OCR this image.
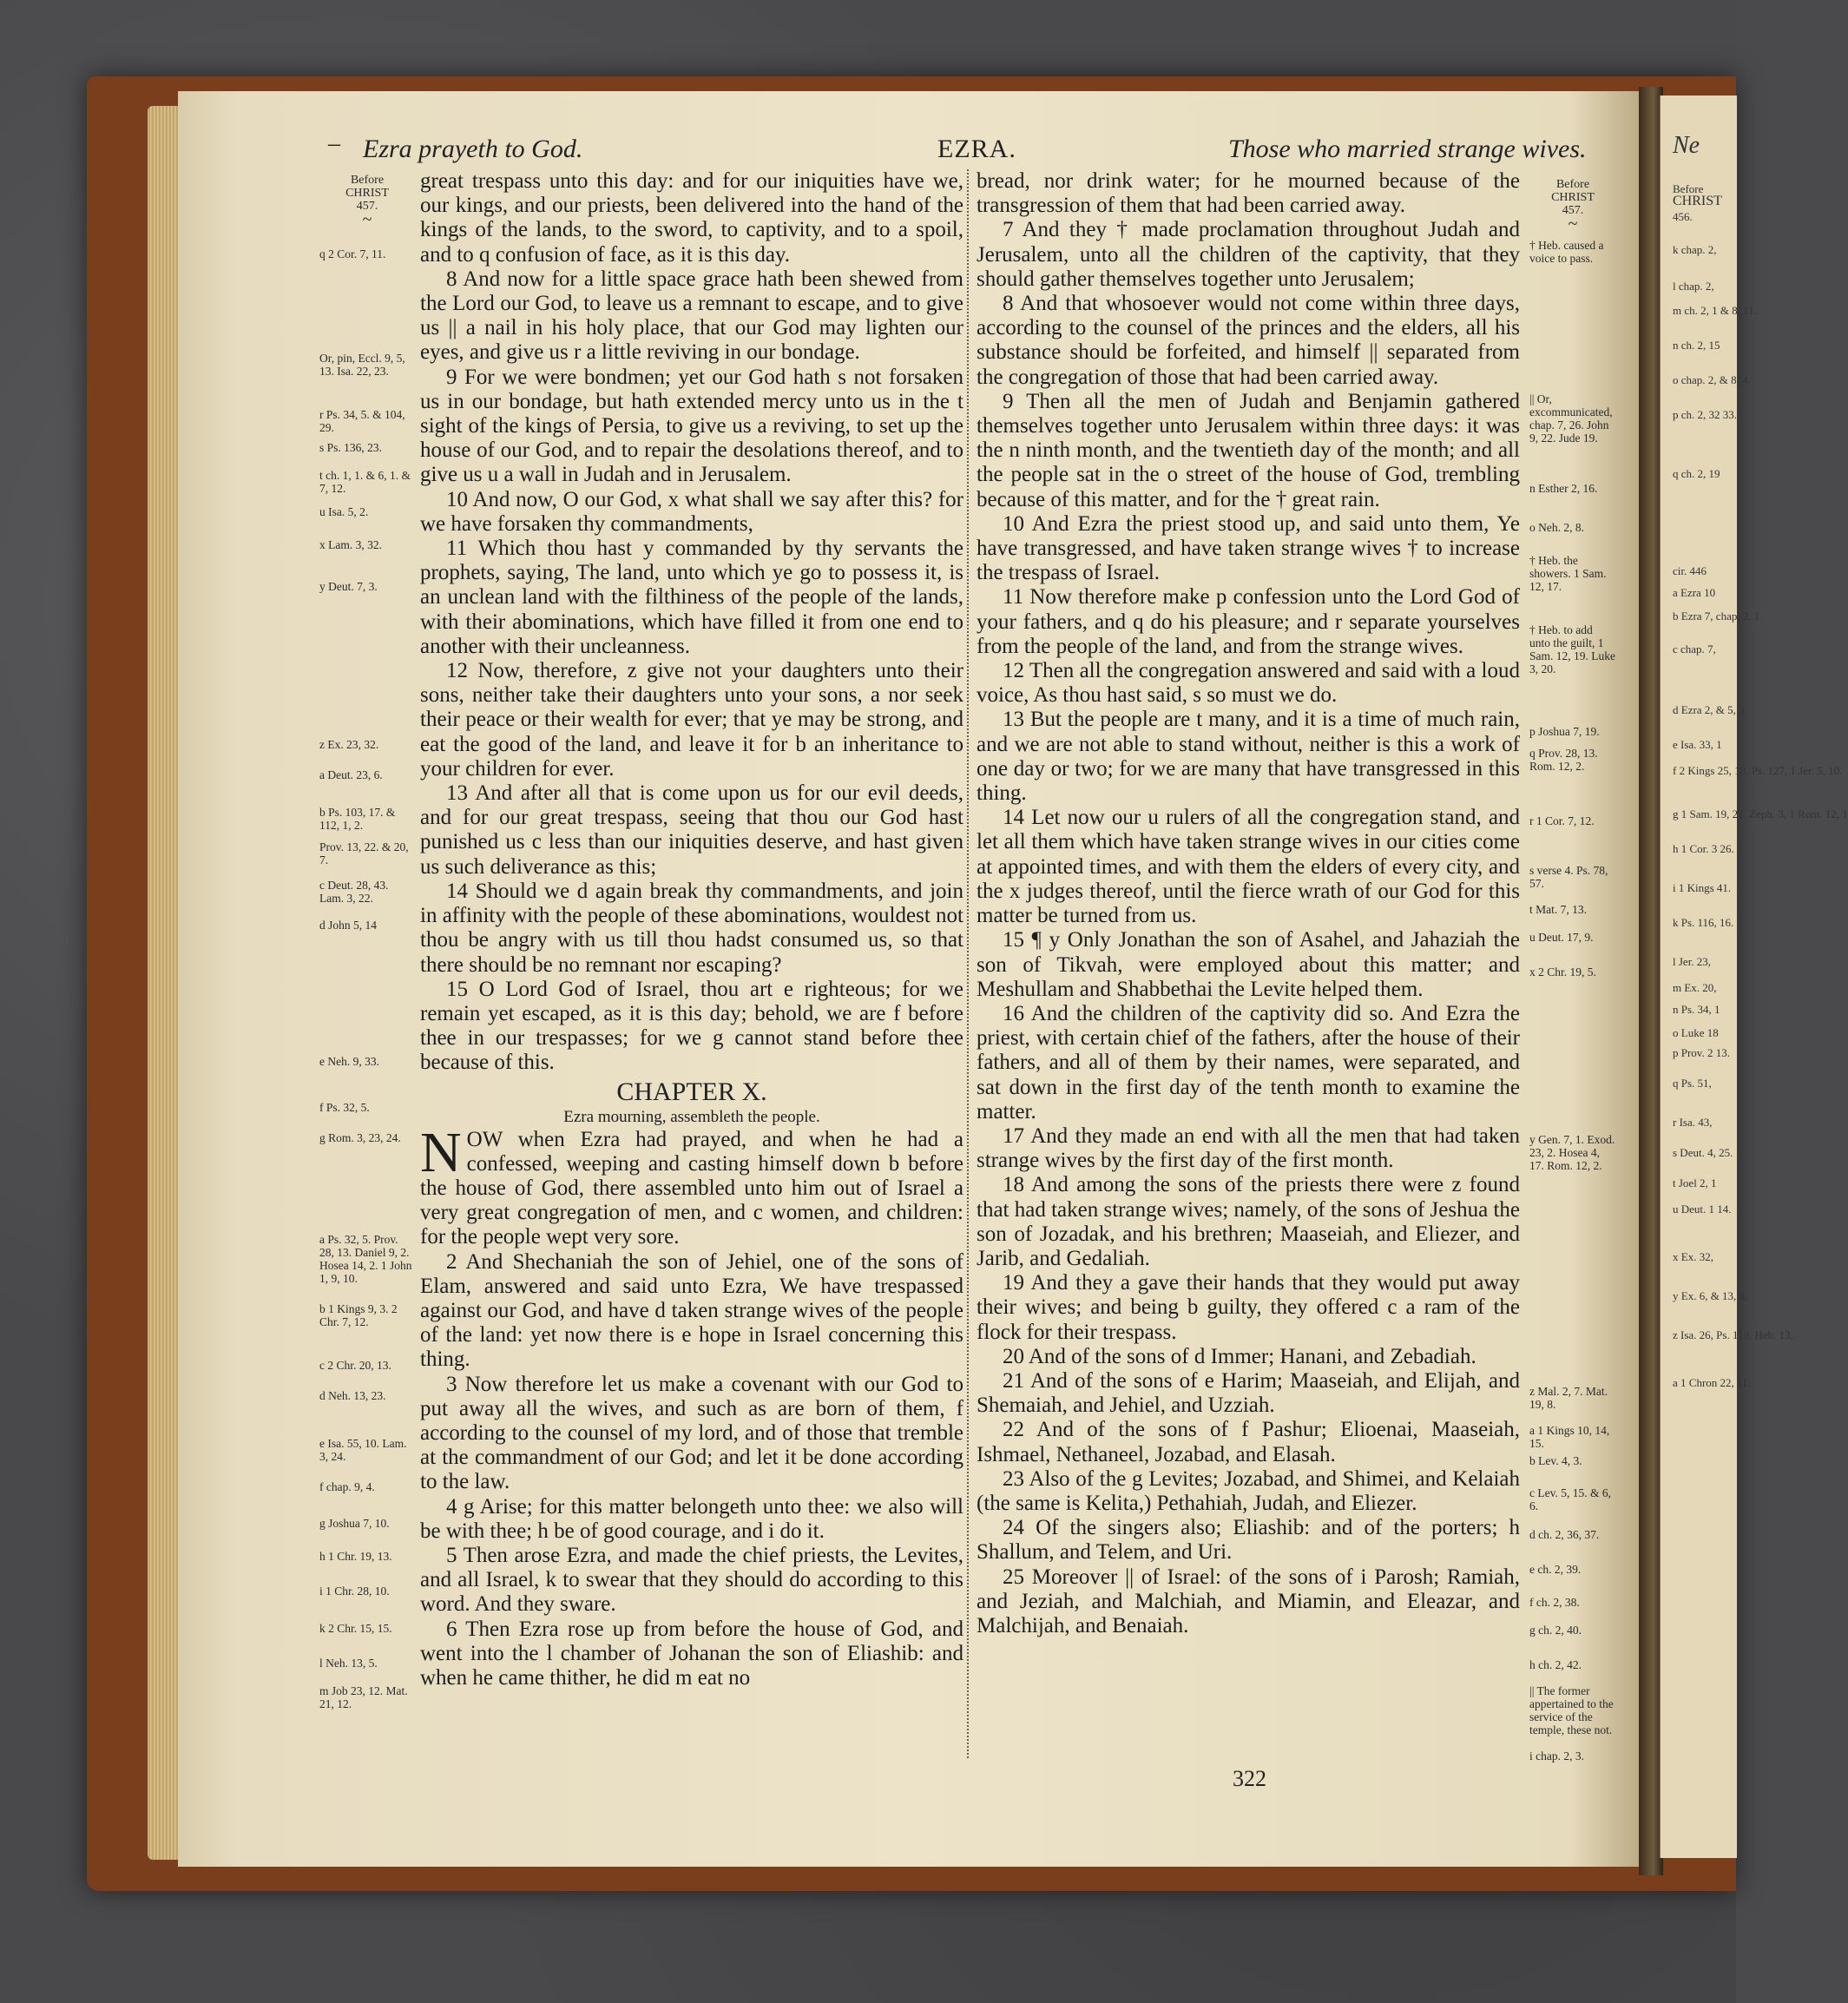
Ne
Before
CHRIST
456.
k chap. 2,
l chap. 2,
m ch. 2, 1 & 8, 11.
n ch. 2, 15
o chap. 2, & 8, 4.
p ch. 2, 32 33.
q ch. 2, 19
cir. 446
a Ezra 10
b Ezra 7, chap. 2, 1
c chap. 7,
d Ezra 2, & 5, 3.
e Isa. 33, 1
f 2 Kings 25, 10. Ps. 127, 1 Jer. 5, 10.
g 1 Sam. 19, 22. Zeph. 3, 1 Rom. 12, 1
h 1 Cor. 3 26.
i 1 Kings 41.
k Ps. 116, 16.
l Jer. 23,
m Ex. 20,
n Ps. 34, 1
o Luke 18
p Prov. 2 13.
q Ps. 51,
r Isa. 43,
s Deut. 4, 25.
t Joel 2, 1
u Deut. 1 14.
x Ex. 32,
y Ex. 6, & 13, 9.
z Isa. 26, Ps. 119, Heb. 13,
a 1 Chron 22, 11.
– Ezra prayeth to God.	EZRA.	Those who married strange wives.
Before
CHRIST
457.
~
q 2 Cor. 7, 11.
Or, pin, Eccl. 9, 5, 13. Isa. 22, 23.
r Ps. 34, 5. & 104, 29.
s Ps. 136, 23.
t ch. 1, 1. & 6, 1. & 7, 12.
u Isa. 5, 2.
x Lam. 3, 32.
y Deut. 7, 3.
z Ex. 23, 32.
a Deut. 23, 6.
b Ps. 103, 17. & 112, 1, 2.
Prov. 13, 22. & 20, 7.
c Deut. 28, 43. Lam. 3, 22.
d John 5, 14
e Neh. 9, 33.
f Ps. 32, 5.
g Rom. 3, 23, 24.
a Ps. 32, 5. Prov. 28, 13. Daniel 9, 2. Hosea 14, 2. 1 John 1, 9, 10.
b 1 Kings 9, 3. 2 Chr. 7, 12.
c 2 Chr. 20, 13.
d Neh. 13, 23.
e Isa. 55, 10. Lam. 3, 24.
f chap. 9, 4.
g Joshua 7, 10.
h 1 Chr. 19, 13.
i 1 Chr. 28, 10.
k 2 Chr. 15, 15.
l Neh. 13, 5.
m Job 23, 12. Mat. 21, 12.
Before
CHRIST
457.
~
† Heb. caused a voice to pass.
|| Or, excommunicated, chap. 7, 26. John 9, 22. Jude 19.
n Esther 2, 16.
o Neh. 2, 8.
† Heb. the showers. 1 Sam. 12, 17.
† Heb. to add unto the guilt, 1 Sam. 12, 19. Luke 3, 20.
p Joshua 7, 19.
q Prov. 28, 13. Rom. 12, 2.
r 1 Cor. 7, 12.
s verse 4. Ps. 78, 57.
t Mat. 7, 13.
u Deut. 17, 9.
x 2 Chr. 19, 5.
y Gen. 7, 1. Exod. 23, 2. Hosea 4, 17. Rom. 12, 2.
z Mal. 2, 7. Mat. 19, 8.
a 1 Kings 10, 14, 15.
b Lev. 4, 3.
c Lev. 5, 15. & 6, 6.
d ch. 2, 36, 37.
e ch. 2, 39.
f ch. 2, 38.
g ch. 2, 40.
h ch. 2, 42.
|| The former appertained to the service of the temple, these not.
i chap. 2, 3.

great trespass unto this day: and for our iniquities have we, our kings, and our priests, been delivered into the hand of the kings of the lands, to the sword, to captivity, and to a spoil, and to q confusion of face, as it is this day.

8 And now for a little space grace hath been shewed from the Lord our God, to leave us a remnant to escape, and to give us || a nail in his holy place, that our God may lighten our eyes, and give us r a little reviving in our bondage.

9 For we were bondmen; yet our God hath s not forsaken us in our bondage, but hath extended mercy unto us in the t sight of the kings of Persia, to give us a reviving, to set up the house of our God, and to repair the desolations thereof, and to give us u a wall in Judah and in Jerusalem.

10 And now, O our God, x what shall we say after this? for we have forsaken thy commandments,

11 Which thou hast y commanded by thy servants the prophets, saying, The land, unto which ye go to possess it, is an unclean land with the filthiness of the people of the lands, with their abominations, which have filled it from one end to another with their uncleanness.

12 Now, therefore, z give not your daughters unto their sons, neither take their daughters unto your sons, a nor seek their peace or their wealth for ever; that ye may be strong, and eat the good of the land, and leave it for b an inheritance to your children for ever.

13 And after all that is come upon us for our evil deeds, and for our great trespass, seeing that thou our God hast punished us c less than our iniquities deserve, and hast given us such deliverance as this;

14 Should we d again break thy commandments, and join in affinity with the people of these abominations, wouldest not thou be angry with us till thou hadst consumed us, so that there should be no remnant nor escaping?

15 O Lord God of Israel, thou art e righteous; for we remain yet escaped, as it is this day; behold, we are f before thee in our trespasses; for we g cannot stand before thee because of this.

CHAPTER X.
Ezra mourning, assembleth the people.

NOW when Ezra had prayed, and when he had a confessed, weeping and casting himself down b before the house of God, there assembled unto him out of Israel a very great congregation of men, and c women, and children: for the people wept very sore.

2 And Shechaniah the son of Jehiel, one of the sons of Elam, answered and said unto Ezra, We have trespassed against our God, and have d taken strange wives of the people of the land: yet now there is e hope in Israel concerning this thing.

3 Now therefore let us make a covenant with our God to put away all the wives, and such as are born of them, f according to the counsel of my lord, and of those that tremble at the commandment of our God; and let it be done according to the law.

4 g Arise; for this matter belongeth unto thee: we also will be with thee; h be of good courage, and i do it.

5 Then arose Ezra, and made the chief priests, the Levites, and all Israel, k to swear that they should do according to this word. And they sware.

6 Then Ezra rose up from before the house of God, and went into the l chamber of Johanan the son of Eliashib: and when he came thither, he did m eat no

bread, nor drink water; for he mourned because of the transgression of them that had been carried away.

7 And they † made proclamation throughout Judah and Jerusalem, unto all the children of the captivity, that they should gather themselves together unto Jerusalem;

8 And that whosoever would not come within three days, according to the counsel of the princes and the elders, all his substance should be forfeited, and himself || separated from the congregation of those that had been carried away.

9 Then all the men of Judah and Benjamin gathered themselves together unto Jerusalem within three days: it was the n ninth month, and the twentieth day of the month; and all the people sat in the o street of the house of God, trembling because of this matter, and for the † great rain.

10 And Ezra the priest stood up, and said unto them, Ye have transgressed, and have taken strange wives † to increase the trespass of Israel.

11 Now therefore make p confession unto the Lord God of your fathers, and q do his pleasure; and r separate yourselves from the people of the land, and from the strange wives.

12 Then all the congregation answered and said with a loud voice, As thou hast said, s so must we do.

13 But the people are t many, and it is a time of much rain, and we are not able to stand without, neither is this a work of one day or two; for we are many that have transgressed in this thing.

14 Let now our u rulers of all the congregation stand, and let all them which have taken strange wives in our cities come at appointed times, and with them the elders of every city, and the x judges thereof, until the fierce wrath of our God for this matter be turned from us.

15 ¶ y Only Jonathan the son of Asahel, and Jahaziah the son of Tikvah, were employed about this matter; and Meshullam and Shabbethai the Levite helped them.

16 And the children of the captivity did so. And Ezra the priest, with certain chief of the fathers, after the house of their fathers, and all of them by their names, were separated, and sat down in the first day of the tenth month to examine the matter.

17 And they made an end with all the men that had taken strange wives by the first day of the first month.

18 And among the sons of the priests there were z found that had taken strange wives; namely, of the sons of Jeshua the son of Jozadak, and his brethren; Maaseiah, and Eliezer, and Jarib, and Gedaliah.

19 And they a gave their hands that they would put away their wives; and being b guilty, they offered c a ram of the flock for their trespass.

20 And of the sons of d Immer; Hanani, and Zebadiah.

21 And of the sons of e Harim; Maaseiah, and Elijah, and Shemaiah, and Jehiel, and Uzziah.

22 And of the sons of f Pashur; Elioenai, Maaseiah, Ishmael, Nethaneel, Jozabad, and Elasah.

23 Also of the g Levites; Jozabad, and Shimei, and Kelaiah (the same is Kelita,) Pethahiah, Judah, and Eliezer.

24 Of the singers also; Eliashib: and of the porters; h Shallum, and Telem, and Uri.

25 Moreover || of Israel: of the sons of i Parosh; Ramiah, and Jeziah, and Malchiah, and Miamin, and Eleazar, and Malchijah, and Benaiah.

322
